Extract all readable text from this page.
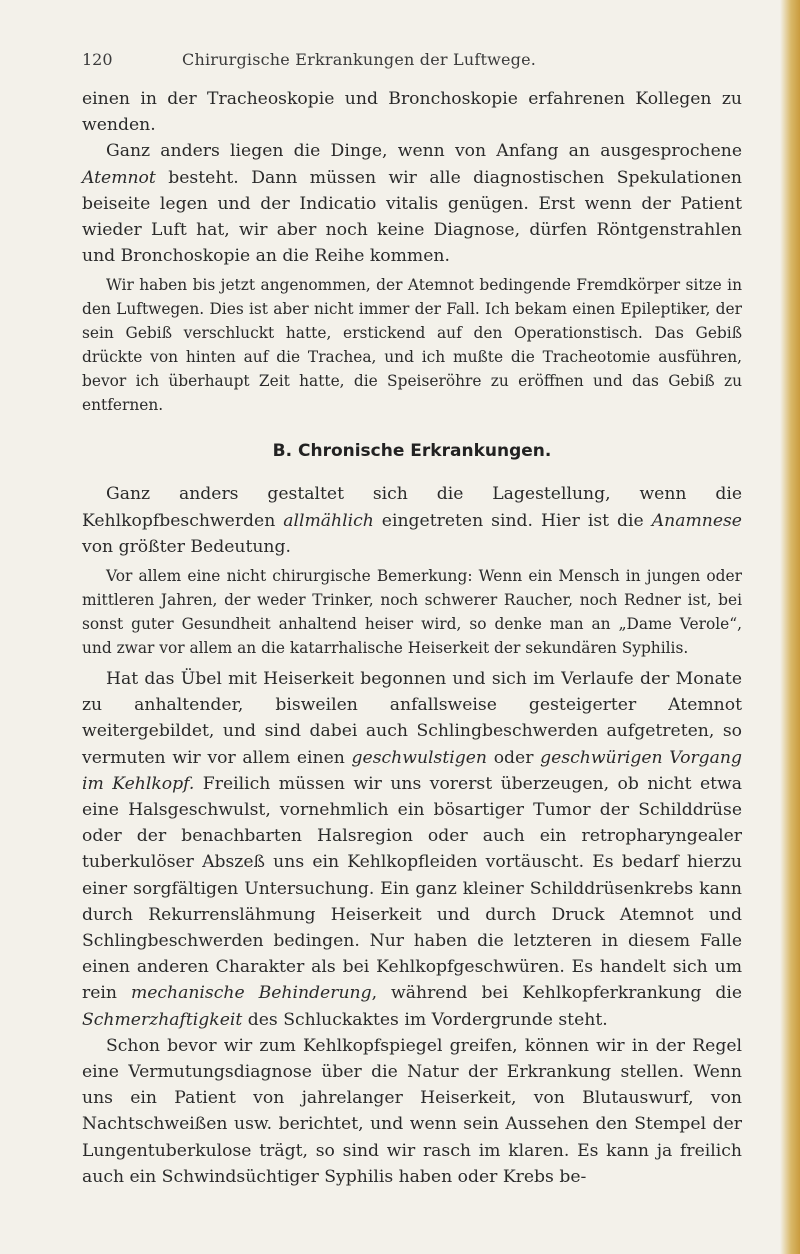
120	Chirurgische Erkrankungen der Luftwege.

einen in der Tracheoskopie und Bronchoskopie erfahrenen Kollegen zu wenden.

Ganz anders liegen die Dinge, wenn von Anfang an ausgesprochene Atemnot besteht. Dann müssen wir alle diagnostischen Spekulationen beiseite legen und der Indicatio vitalis genügen. Erst wenn der Patient wieder Luft hat, wir aber noch keine Diagnose, dürfen Röntgenstrahlen und Bronchoskopie an die Reihe kommen.

Wir haben bis jetzt angenommen, der Atemnot bedingende Fremdkörper sitze in den Luftwegen. Dies ist aber nicht immer der Fall. Ich bekam einen Epileptiker, der sein Gebiß verschluckt hatte, erstickend auf den Operationstisch. Das Gebiß drückte von hinten auf die Trachea, und ich mußte die Tracheotomie ausführen, bevor ich überhaupt Zeit hatte, die Speiseröhre zu eröffnen und das Gebiß zu entfernen.

B. Chronische Erkrankungen.

Ganz anders gestaltet sich die Lagestellung, wenn die Kehlkopfbeschwerden allmählich eingetreten sind. Hier ist die Anamnese von größter Bedeutung.

Vor allem eine nicht chirurgische Bemerkung: Wenn ein Mensch in jungen oder mittleren Jahren, der weder Trinker, noch schwerer Raucher, noch Redner ist, bei sonst guter Gesundheit anhaltend heiser wird, so denke man an „Dame Verole“, und zwar vor allem an die katarrhalische Heiserkeit der sekundären Syphilis.

Hat das Übel mit Heiserkeit begonnen und sich im Verlaufe der Monate zu anhaltender, bisweilen anfallsweise gesteigerter Atemnot weitergebildet, und sind dabei auch Schlingbeschwerden aufgetreten, so vermuten wir vor allem einen geschwulstigen oder geschwürigen Vorgang im Kehlkopf. Freilich müssen wir uns vorerst überzeugen, ob nicht etwa eine Halsgeschwulst, vornehmlich ein bösartiger Tumor der Schilddrüse oder der benachbarten Halsregion oder auch ein retropharyngealer tuberkulöser Abszeß uns ein Kehlkopfleiden vortäuscht. Es bedarf hierzu einer sorgfältigen Untersuchung. Ein ganz kleiner Schilddrüsenkrebs kann durch Rekurrenslähmung Heiserkeit und durch Druck Atemnot und Schlingbeschwerden bedingen. Nur haben die letzteren in diesem Falle einen anderen Charakter als bei Kehlkopfgeschwüren. Es handelt sich um rein mechanische Behinderung, während bei Kehlkopferkrankung die Schmerzhaftigkeit des Schluckaktes im Vordergrunde steht.

Schon bevor wir zum Kehlkopfspiegel greifen, können wir in der Regel eine Vermutungsdiagnose über die Natur der Erkrankung stellen. Wenn uns ein Patient von jahrelanger Heiserkeit, von Blutauswurf, von Nachtschweißen usw. berichtet, und wenn sein Aussehen den Stempel der Lungentuberkulose trägt, so sind wir rasch im klaren. Es kann ja freilich auch ein Schwindsüchtiger Syphilis haben oder Krebs be-
